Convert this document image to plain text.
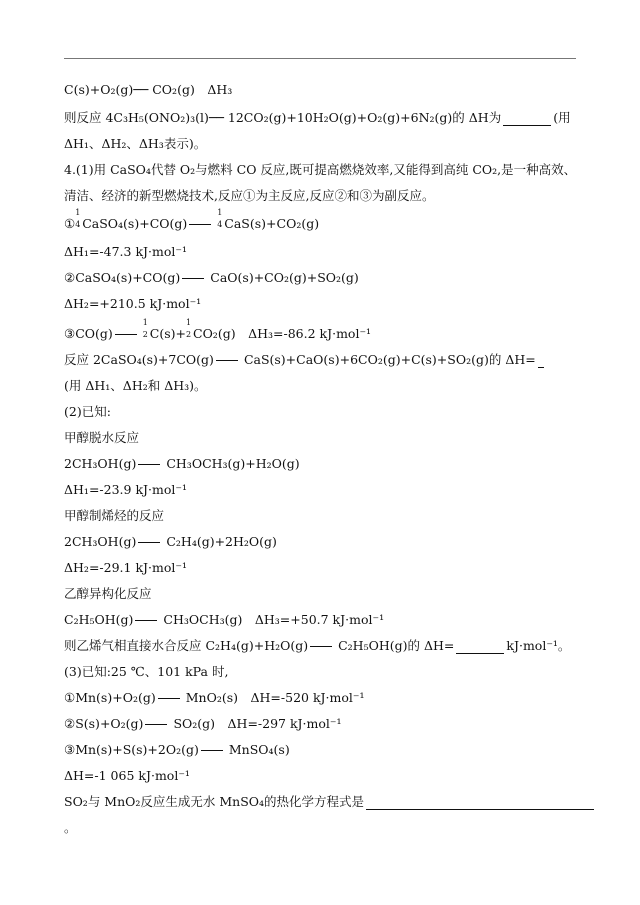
C(s)+O₂(g)── CO₂(g)　ΔH₃
则反应 4C₃H₅(ONO₂)₃(l)── 12CO₂(g)+10H₂O(g)+O₂(g)+6N₂(g)的 ΔH为	(用
ΔH₁、ΔH₂、ΔH₃表示)。
4.(1)用 CaSO₄代替 O₂与燃料 CO 反应,既可提高燃烧效率,又能得到高纯 CO₂,是一种高效、
清洁、经济的新型燃烧技术,反应①为主反应,反应②和③为副反应。
①
1
4 CaSO₄(s)+CO(g)
1
4 CaS(s)+CO₂(g)
ΔH₁=-47.3 kJ·mol⁻¹
②CaSO₄(s)+CO(g) CaO(s)+CO₂(g)+SO₂(g)
ΔH₂=+210.5 kJ·mol⁻¹
③CO(g)
1
2 C(s)+
1
2 CO₂(g)　ΔH₃=-86.2 kJ·mol⁻¹
反应 2CaSO₄(s)+7CO(g) CaS(s)+CaO(s)+6CO₂(g)+C(s)+SO₂(g)的 ΔH=
(用 ΔH₁、ΔH₂和 ΔH₃)。
(2)已知:
甲醇脱水反应
2CH₃OH(g) CH₃OCH₃(g)+H₂O(g)
ΔH₁=-23.9 kJ·mol⁻¹
甲醇制烯烃的反应
2CH₃OH(g) C₂H₄(g)+2H₂O(g)
ΔH₂=-29.1 kJ·mol⁻¹
乙醇异构化反应
C₂H₅OH(g) CH₃OCH₃(g)　ΔH₃=+50.7 kJ·mol⁻¹
则乙烯气相直接水合反应 C₂H₄(g)+H₂O(g) C₂H₅OH(g)的 ΔH=	kJ·mol⁻¹。
(3)已知:25 ℃、101 kPa 时,
①Mn(s)+O₂(g) MnO₂(s)　ΔH=-520 kJ·mol⁻¹
②S(s)+O₂(g) SO₂(g)　ΔH=-297 kJ·mol⁻¹
③Mn(s)+S(s)+2O₂(g) MnSO₄(s)
ΔH=-1 065 kJ·mol⁻¹
SO₂与 MnO₂反应生成无水 MnSO₄的热化学方程式是
。
